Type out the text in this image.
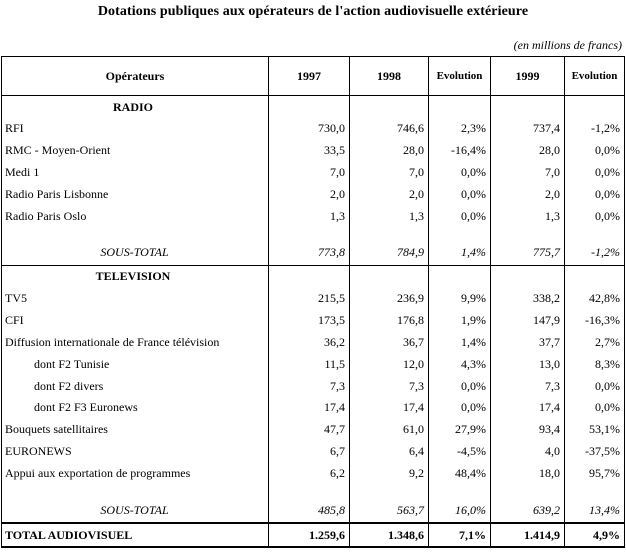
Dotations publiques aux opérateurs de l'action audiovisuelle extérieure
(en millions de francs)
Opérateurs	1997	1998	Evolution	1999	Evolution
RADIO					
RFI	730,0	746,6	2,3%	737,4	-1,2%
RMC - Moyen-Orient	33,5	28,0	-16,4%	28,0	0,0%
Medi 1	7,0	7,0	0,0%	7,0	0,0%
Radio Paris Lisbonne	2,0	2,0	0,0%	2,0	0,0%
Radio Paris Oslo	1,3	1,3	0,0%	1,3	0,0%

SOUS-TOTAL	773,8	784,9	1,4%	775,7	-1,2%
TELEVISION					
TV5	215,5	236,9	9,9%	338,2	42,8%
CFI	173,5	176,8	1,9%	147,9	-16,3%
Diffusion internationale de France télévision	36,2	36,7	1,4%	37,7	2,7%
dont F2 Tunisie	11,5	12,0	4,3%	13,0	8,3%
dont F2 divers	7,3	7,3	0,0%	7,3	0,0%
dont F2 F3 Euronews	17,4	17,4	0,0%	17,4	0,0%
Bouquets satellitaires	47,7	61,0	27,9%	93,4	53,1%
EURONEWS	6,7	6,4	-4,5%	4,0	-37,5%
Appui aux exportation de programmes	6,2	9,2	48,4%	18,0	95,7%

SOUS-TOTAL	485,8	563,7	16,0%	639,2	13,4%
TOTAL AUDIOVISUEL	1.259,6	1.348,6	7,1%	1.414,9	4,9%
